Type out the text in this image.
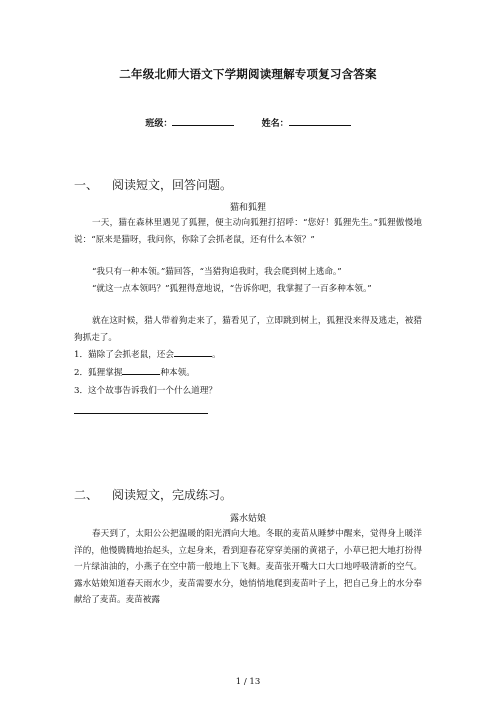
二年级北师大语文下学期阅读理解专项复习含答案
班级：	姓名：
一、 阅读短文，回答问题。
猫和狐狸

一天，猫在森林里遇见了狐狸，便主动向狐狸打招呼：“您好！狐狸先生。”狐狸傲慢地说：“原来是猫呀，我问你，你除了会抓老鼠，还有什么本领？”

“我只有一种本领。”猫回答，“当猎狗追我时，我会爬到树上逃命。”

“就这一点本领吗？”狐狸得意地说，“告诉你吧，我掌握了一百多种本领。”

就在这时候，猎人带着狗走来了，猫看见了，立即跳到树上，狐狸没来得及逃走，被猎狗抓走了。

1．猫除了会抓老鼠，还会	。
2．狐狸掌握	种本领。
3．这个故事告诉我们一个什么道理？
二、 阅读短文，完成练习。
露水姑娘

春天到了，太阳公公把温暖的阳光洒向大地。冬眠的麦苗从睡梦中醒来，觉得身上暖洋洋的，他慢腾腾地抬起头，立起身来，看到迎春花穿穿美丽的黄裙子，小草已把大地打扮得一片绿油油的，小燕子在空中箭一般地上下飞舞。麦苗张开嘴大口大口地呼吸清新的空气。露水姑娘知道春天雨水少，麦苗需要水分，她悄悄地爬到麦苗叶子上，把自己身上的水分奉献给了麦苗。麦苗被露

1 / 13
